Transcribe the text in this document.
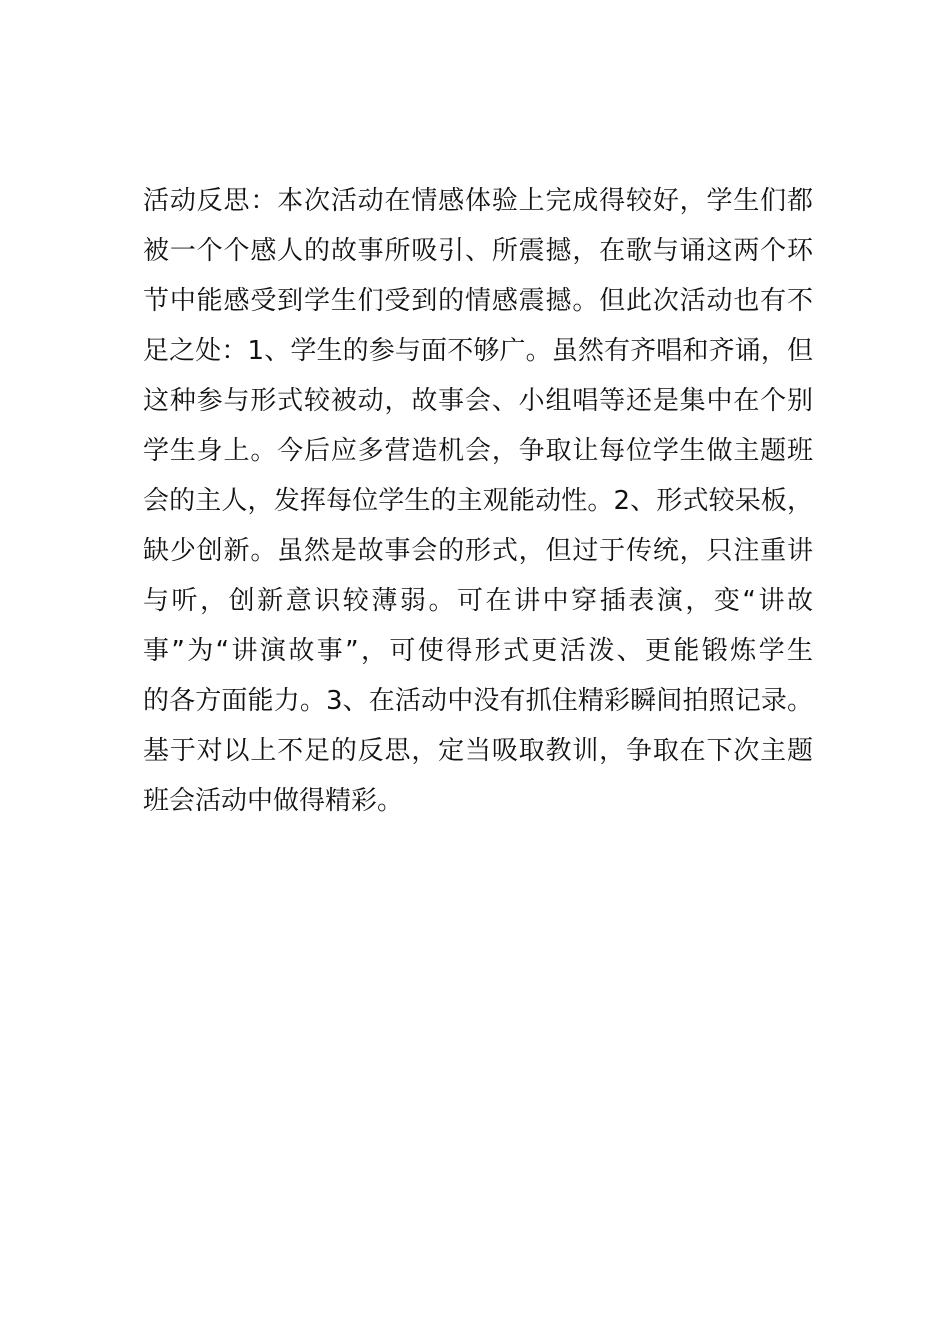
活动反思：本次活动在情感体验上完成得较好，学生们都
被一个个感人的故事所吸引、所震撼，在歌与诵这两个环
节中能感受到学生们受到的情感震撼。但此次活动也有不
足之处：1、学生的参与面不够广。虽然有齐唱和齐诵，但
这种参与形式较被动，故事会、小组唱等还是集中在个别
学生身上。今后应多营造机会，争取让每位学生做主题班
会的主人，发挥每位学生的主观能动性。2、形式较呆板，
缺少创新。虽然是故事会的形式，但过于传统，只注重讲
与听，创新意识较薄弱。可在讲中穿插表演，变“讲故
事”为“讲演故事”，可使得形式更活泼、更能锻炼学生
的各方面能力。3、在活动中没有抓住精彩瞬间拍照记录。
基于对以上不足的反思，定当吸取教训，争取在下次主题
班会活动中做得精彩。
